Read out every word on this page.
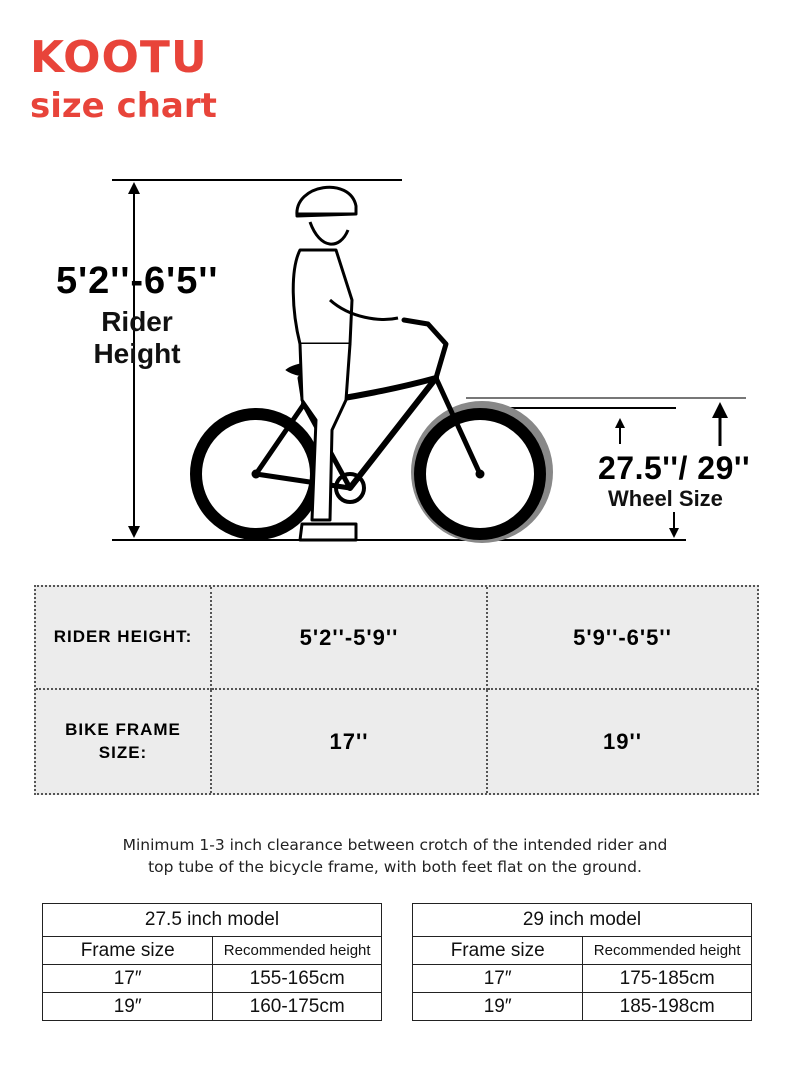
KOOTU
size chart
5'2''-6'5''
Rider Height
27.5''/ 29''
Wheel Size
RIDER HEIGHT:	5'2''-5'9''	5'9''-6'5''
BIKE FRAME SIZE:	17''	19''
Minimum 1-3 inch clearance between crotch of the intended rider and
top tube of the bicycle frame, with both feet flat on the ground.
27.5 inch model	
Frame size	Recommended height
17″	155-165cm
19″	160-175cm
29 inch model	
Frame size	Recommended height
17″	175-185cm
19″	185-198cm
